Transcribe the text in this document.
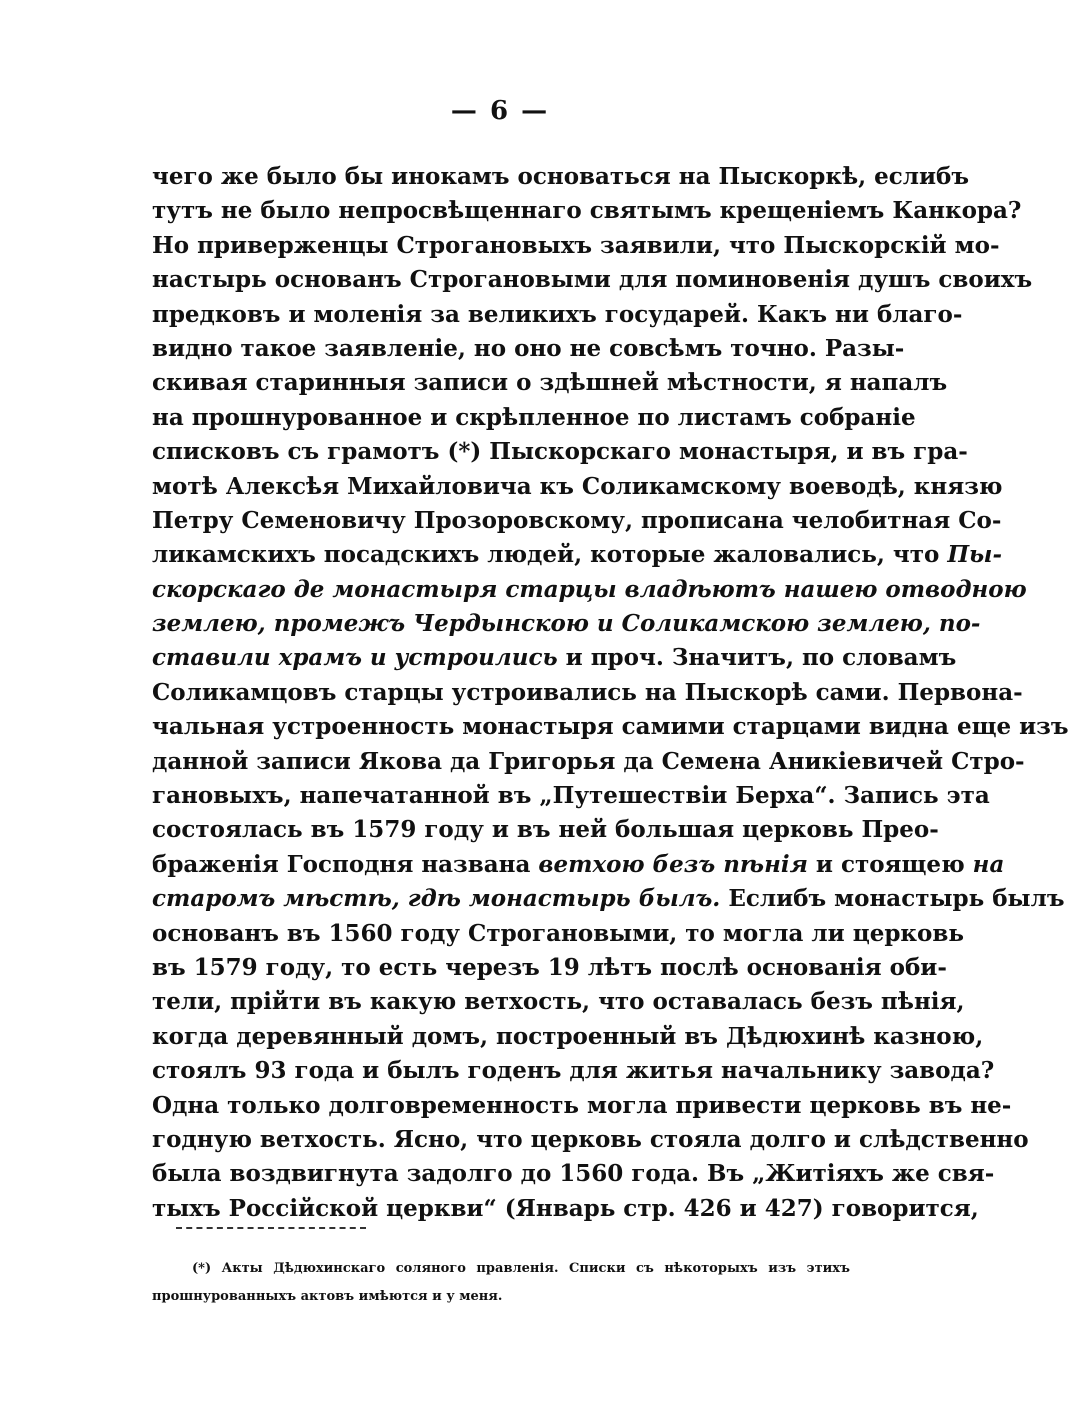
— 6 —
чего же было бы инокамъ основаться на Пыскоркѣ, еслибъ
тутъ не было непросвѣщеннаго святымъ крещеніемъ Канкора?
Но приверженцы Строгановыхъ заявили, что Пыскорскій мо-
настырь основанъ Строгановыми для поминовенія душъ своихъ
предковъ и моленія за великихъ государей. Какъ ни благо-
видно такое заявленіе, но оно не совсѣмъ точно. Разы-
скивая старинныя записи о здѣшней мѣстности, я напалъ
на прошнурованное и скрѣпленное по листамъ собраніе
списковъ съ грамотъ (*) Пыскорскаго монастыря, и въ гра-
мотѣ Алексѣя Михайловича къ Соликамскому воеводѣ, князю
Петру Семеновичу Прозоровскому, прописана челобитная Со-
ликамскихъ посадскихъ людей, которые жаловались, что Пы-
скорскаго де монастыря старцы владѣютъ нашею отводною
землею, промежъ Чердынскою и Соликамскою землею, по-
ставили храмъ и устроились и проч. Значитъ, по словамъ
Соликамцовъ старцы устроивались на Пыскорѣ сами. Первона-
чальная устроенность монастыря самими старцами видна еще изъ
данной записи Якова да Григорья да Семена Аникіевичей Стро-
гановыхъ, напечатанной въ „Путешествіи Берха“. Запись эта
состоялась въ 1579 году и въ ней большая церковь Прео-
браженія Господня названа ветхою безъ пѣнія и стоящею на
старомъ мѣстѣ, гдѣ монастырь былъ. Еслибъ монастырь былъ
основанъ въ 1560 году Строгановыми, то могла ли церковь
въ 1579 году, то есть черезъ 19 лѣтъ послѣ основанія оби-
тели, прійти въ какую ветхость, что оставалась безъ пѣнія,
когда деревянный домъ, построенный въ Дѣдюхинѣ казною,
стоялъ 93 года и былъ годенъ для житья начальнику завода?
Одна только долговременность могла привести церковь въ не-
годную ветхость. Ясно, что церковь стояла долго и слѣдственно
была воздвигнута задолго до 1560 года. Въ „Житіяхъ же свя-
тыхъ Россійской церкви“ (Январь стр. 426 и 427) говорится,
(*) Акты Дѣдюхинскаго соляного правленія. Списки съ нѣкоторыхъ изъ этихъ
прошнурованныхъ актовъ имѣются и у меня.
